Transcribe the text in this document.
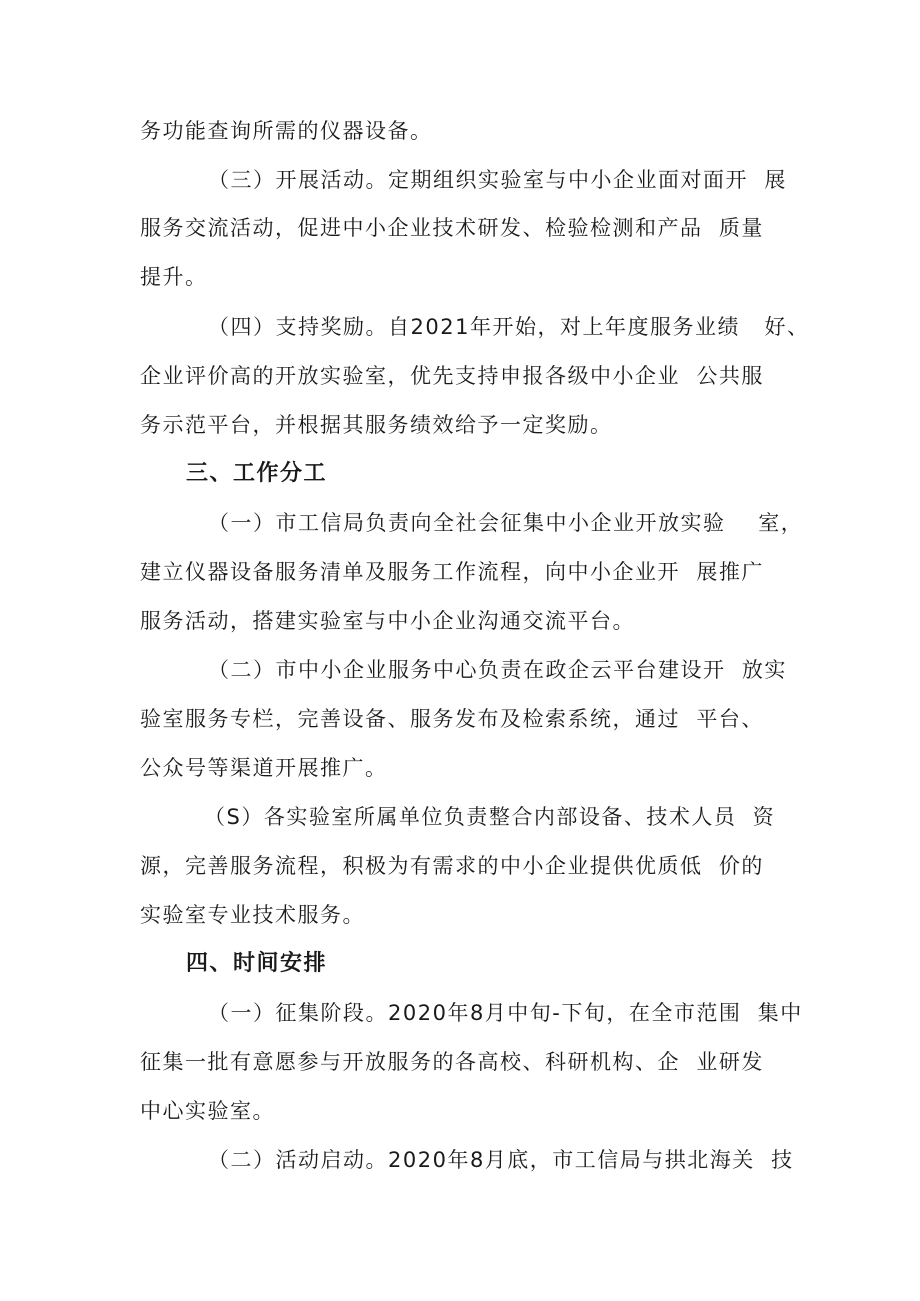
务功能查询所需的仪器设备。
（三）开展活动。定期组织实验室与中小企业面对面开  展
服务交流活动，促进中小企业技术研发、检验检测和产品  质量
提升。
（四）支持奖励。自2021年开始，对上年度服务业绩   好、
企业评价高的开放实验室，优先支持申报各级中小企业  公共服
务示范平台，并根据其服务绩效给予一定奖励。
三、工作分工
（一）市工信局负责向全社会征集中小企业开放实验    室，
建立仪器设备服务清单及服务工作流程，向中小企业开  展推广
服务活动，搭建实验室与中小企业沟通交流平台。
（二）市中小企业服务中心负责在政企云平台建设开  放实
验室服务专栏，完善设备、服务发布及检索系统，通过  平台、
公众号等渠道开展推广。
（S）各实验室所属单位负责整合内部设备、技术人员  资
源，完善服务流程，积极为有需求的中小企业提供优质低  价的
实验室专业技术服务。
四、时间安排
（一）征集阶段。2020年8月中旬-下旬，在全市范围  集中
征集一批有意愿参与开放服务的各高校、科研机构、企  业研发
中心实验室。
（二）活动启动。2020年8月底，市工信局与拱北海关  技
